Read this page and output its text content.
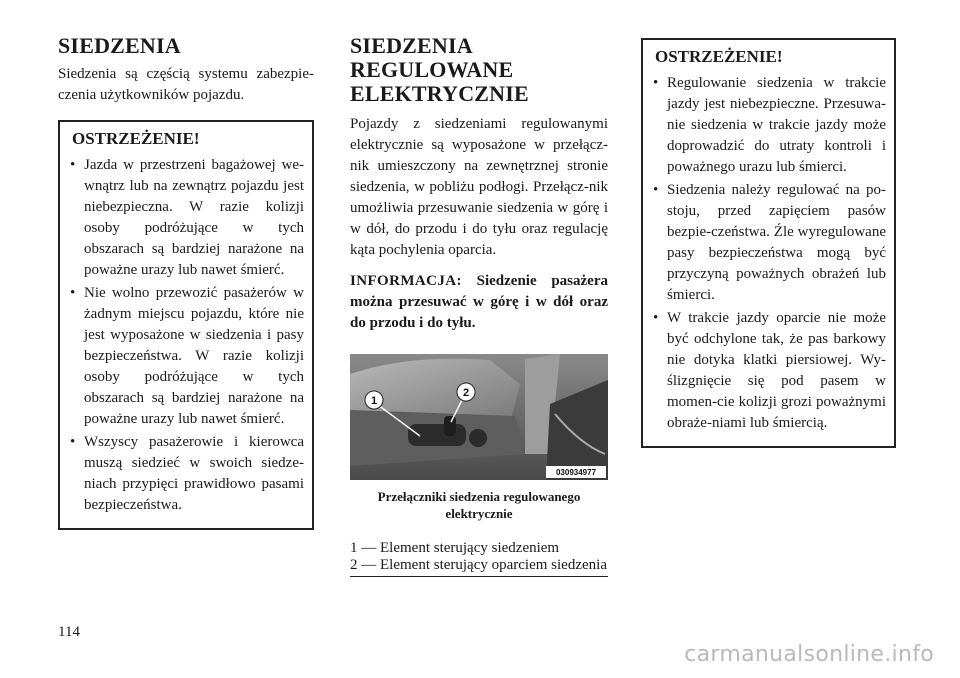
SIEDZENIA

Siedzenia są częścią systemu zabezpie-czenia użytkowników pojazdu.

OSTRZEŻENIE!
• Jazda w przestrzeni bagażowej we-wnątrz lub na zewnątrz pojazdu jest niebezpieczna. W razie kolizji osoby podróżujące w tych obszarach są bardziej narażone na poważne urazy lub nawet śmierć.
• Nie wolno przewozić pasażerów w żadnym miejscu pojazdu, które nie jest wyposażone w siedzenia i pasy bezpieczeństwa. W razie kolizji osoby podróżujące w tych obszarach są bardziej narażone na poważne urazy lub nawet śmierć.
• Wszyscy pasażerowie i kierowca muszą siedzieć w swoich siedze-niach przypięci prawidłowo pasami bezpieczeństwa.
SIEDZENIA REGULOWANE ELEKTRYCZNIE

Pojazdy z siedzeniami regulowanymi elektrycznie są wyposażone w przełącz-nik umieszczony na zewnętrznej stronie siedzenia, w pobliżu podłogi. Przełącz-nik umożliwia przesuwanie siedzenia w górę i w dół, do przodu i do tyłu oraz regulację kąta pochylenia oparcia.

INFORMACJA: Siedzenie pasażera można przesuwać w górę i w dół oraz do przodu i do tyłu.

1
2
030934977
Przełączniki siedzenia regulowanego elektrycznie
1 — Element sterujący siedzeniem
2 — Element sterujący oparciem siedzenia
OSTRZEŻENIE!
• Regulowanie siedzenia w trakcie jazdy jest niebezpieczne. Przesuwa-nie siedzenia w trakcie jazdy może doprowadzić do utraty kontroli i poważnego urazu lub śmierci.
• Siedzenia należy regulować na po-stoju, przed zapięciem pasów bezpie-czeństwa. Źle wyregulowane pasy bezpieczeństwa mogą być przyczyną poważnych obrażeń lub śmierci.
• W trakcie jazdy oparcie nie może być odchylone tak, że pas barkowy nie dotyka klatki piersiowej. Wy-ślizgnięcie się pod pasem w momen-cie kolizji grozi poważnymi obraże-niami lub śmiercią.
114
carmanualsonline.info
